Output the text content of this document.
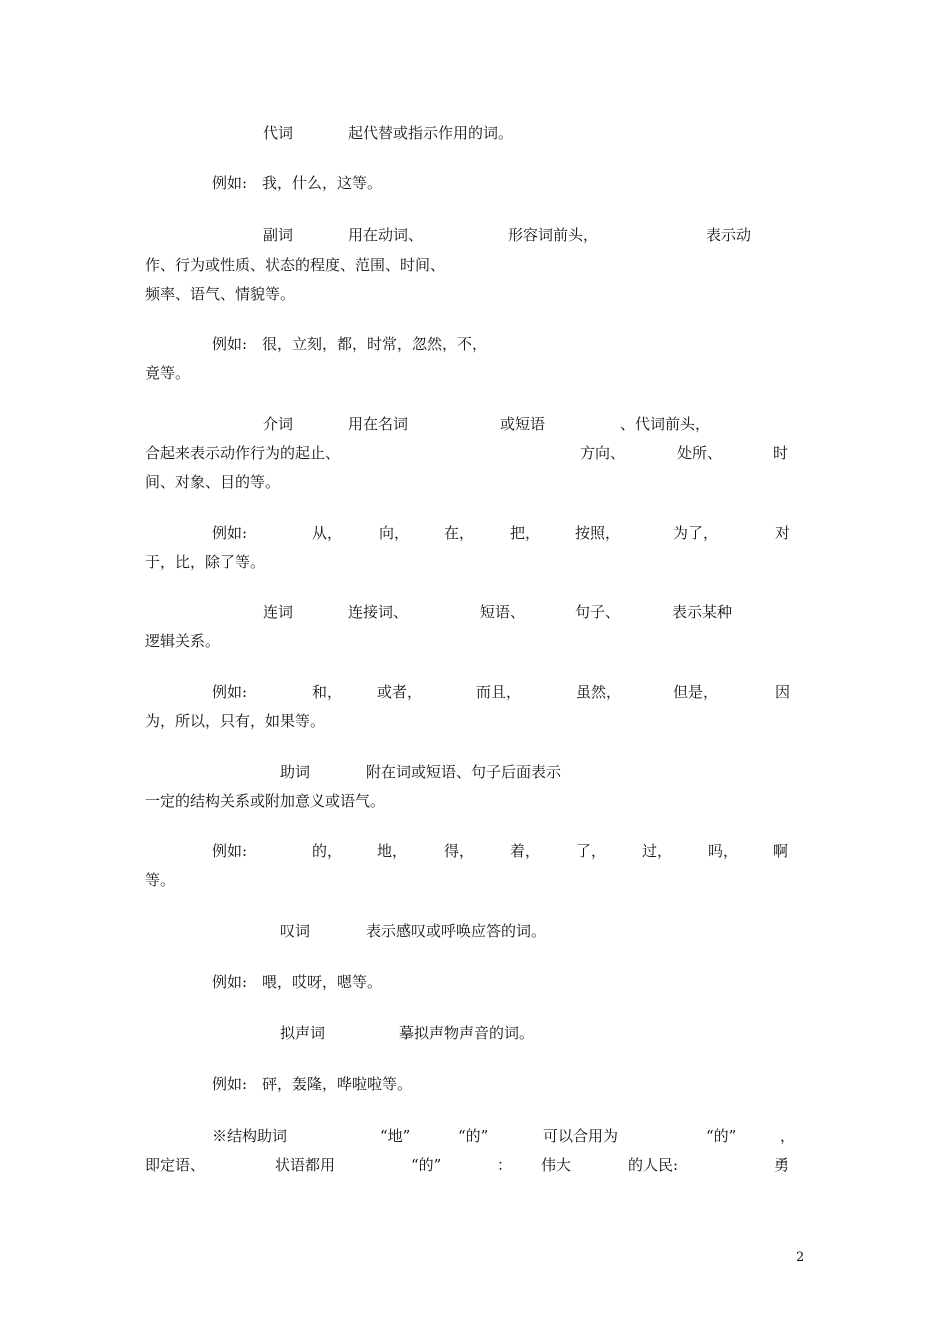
代词	起代替或指示作用的词。
例如: 我，什么，这等。
副词	用在动词、	形容词前头，	表示动
作、行为或性质、状态的程度、范围、时间、
频率、语气、情貌等。
例如: 很，立刻，都，时常，忽然，不，
竟等。
介词	用在名词	或短语	、代词前头，
合起来表示动作行为的起止、	方向、	处所、	时
间、对象、目的等。
例如:	从， 向， 在， 把， 按照，	为了，	对
于，比，除了等。
连词	连接词、	短语、	句子、	表示某种
逻辑关系。
例如:	和， 或者，	而且，	虽然，	但是，	因
为，所以，只有，如果等。
助词	附在词或短语、句子后面表示
一定的结构关系或附加意义或语气。
例如:	的， 地， 得， 着， 了， 过， 吗， 啊
等。
叹词	表示感叹或呼唤应答的词。
例如: 喂，哎呀，嗯等。
拟声词	摹拟声物声音的词。
例如: 砰，轰隆，哗啦啦等。
※结构助词	“地”	“的”	可以合用为	“的”	，
即定语、	状语都用	“的”	： 伟大	的人民:	勇
2
